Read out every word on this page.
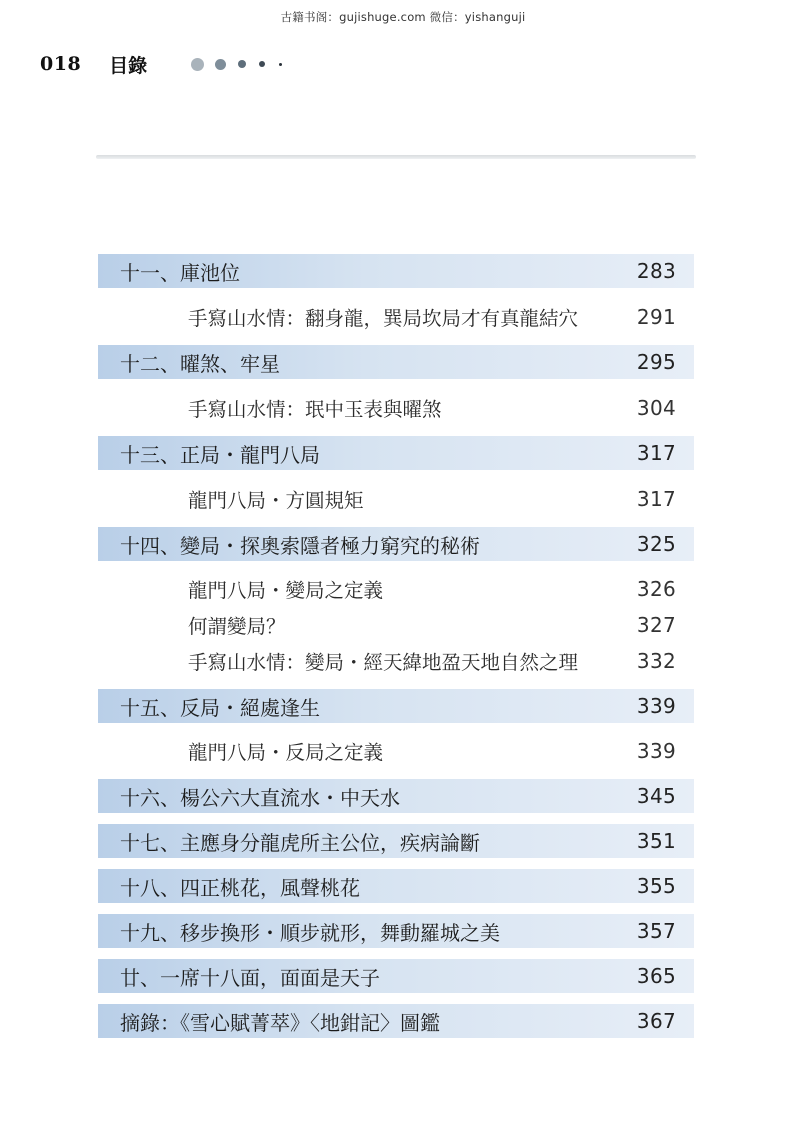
古籍书阁：gujishuge.com 微信：yishanguji
018 目錄
十一、庫池位	283
手寫山水情：翻身龍，巽局坎局才有真龍結穴	291
十二、曜煞、牢星	295
手寫山水情：珉中玉表與曜煞	304
十三、正局・龍門八局	317
龍門八局・方圓規矩	317
十四、變局・探奧索隱者極力窮究的秘術	325
龍門八局・變局之定義	326
何謂變局？	327
手寫山水情：變局・經天緯地盈天地自然之理	332
十五、反局・絕處逢生	339
龍門八局・反局之定義	339
十六、楊公六大直流水・中天水	345
十七、主應身分龍虎所主公位，疾病論斷	351
十八、四正桃花，風聲桃花	355
十九、移步換形・順步就形，舞動羅城之美	357
廿、一席十八面，面面是天子	365
摘錄：《雪心賦菁萃》〈地鉗記〉圖鑑	367
